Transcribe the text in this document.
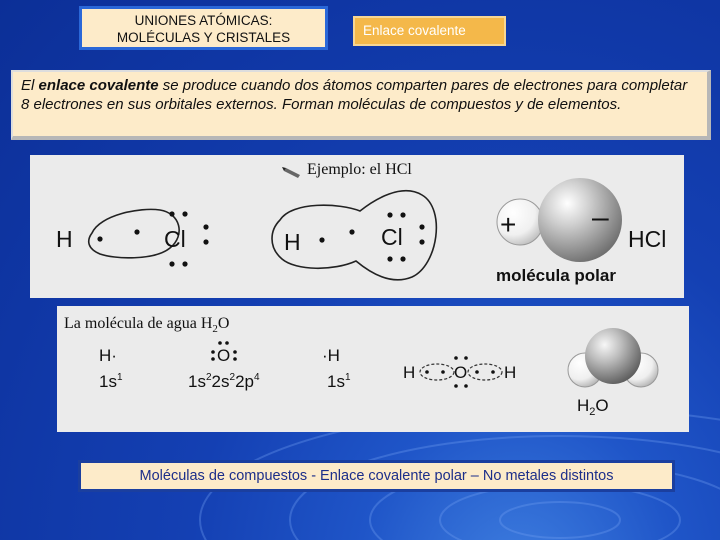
UNIONES ATÓMICAS:
MOLÉCULAS Y CRISTALES	Enlace covalente
El enlace covalente se produce cuando dos átomos comparten pares de electrones para completar 8 electrones en sus orbitales externos. Forman moléculas de compuestos y de elementos.
Ejemplo: el HCl
H	Cl	H	Cl	+	–
HCl
molécula polar
La molécula de agua $H_2O$
H·
$1s^1$
O
$1s^22s^22p^4$
·H
$1s^1$	H O H
$H_2O$
Moléculas de compuestos - Enlace covalente polar – No metales distintos
